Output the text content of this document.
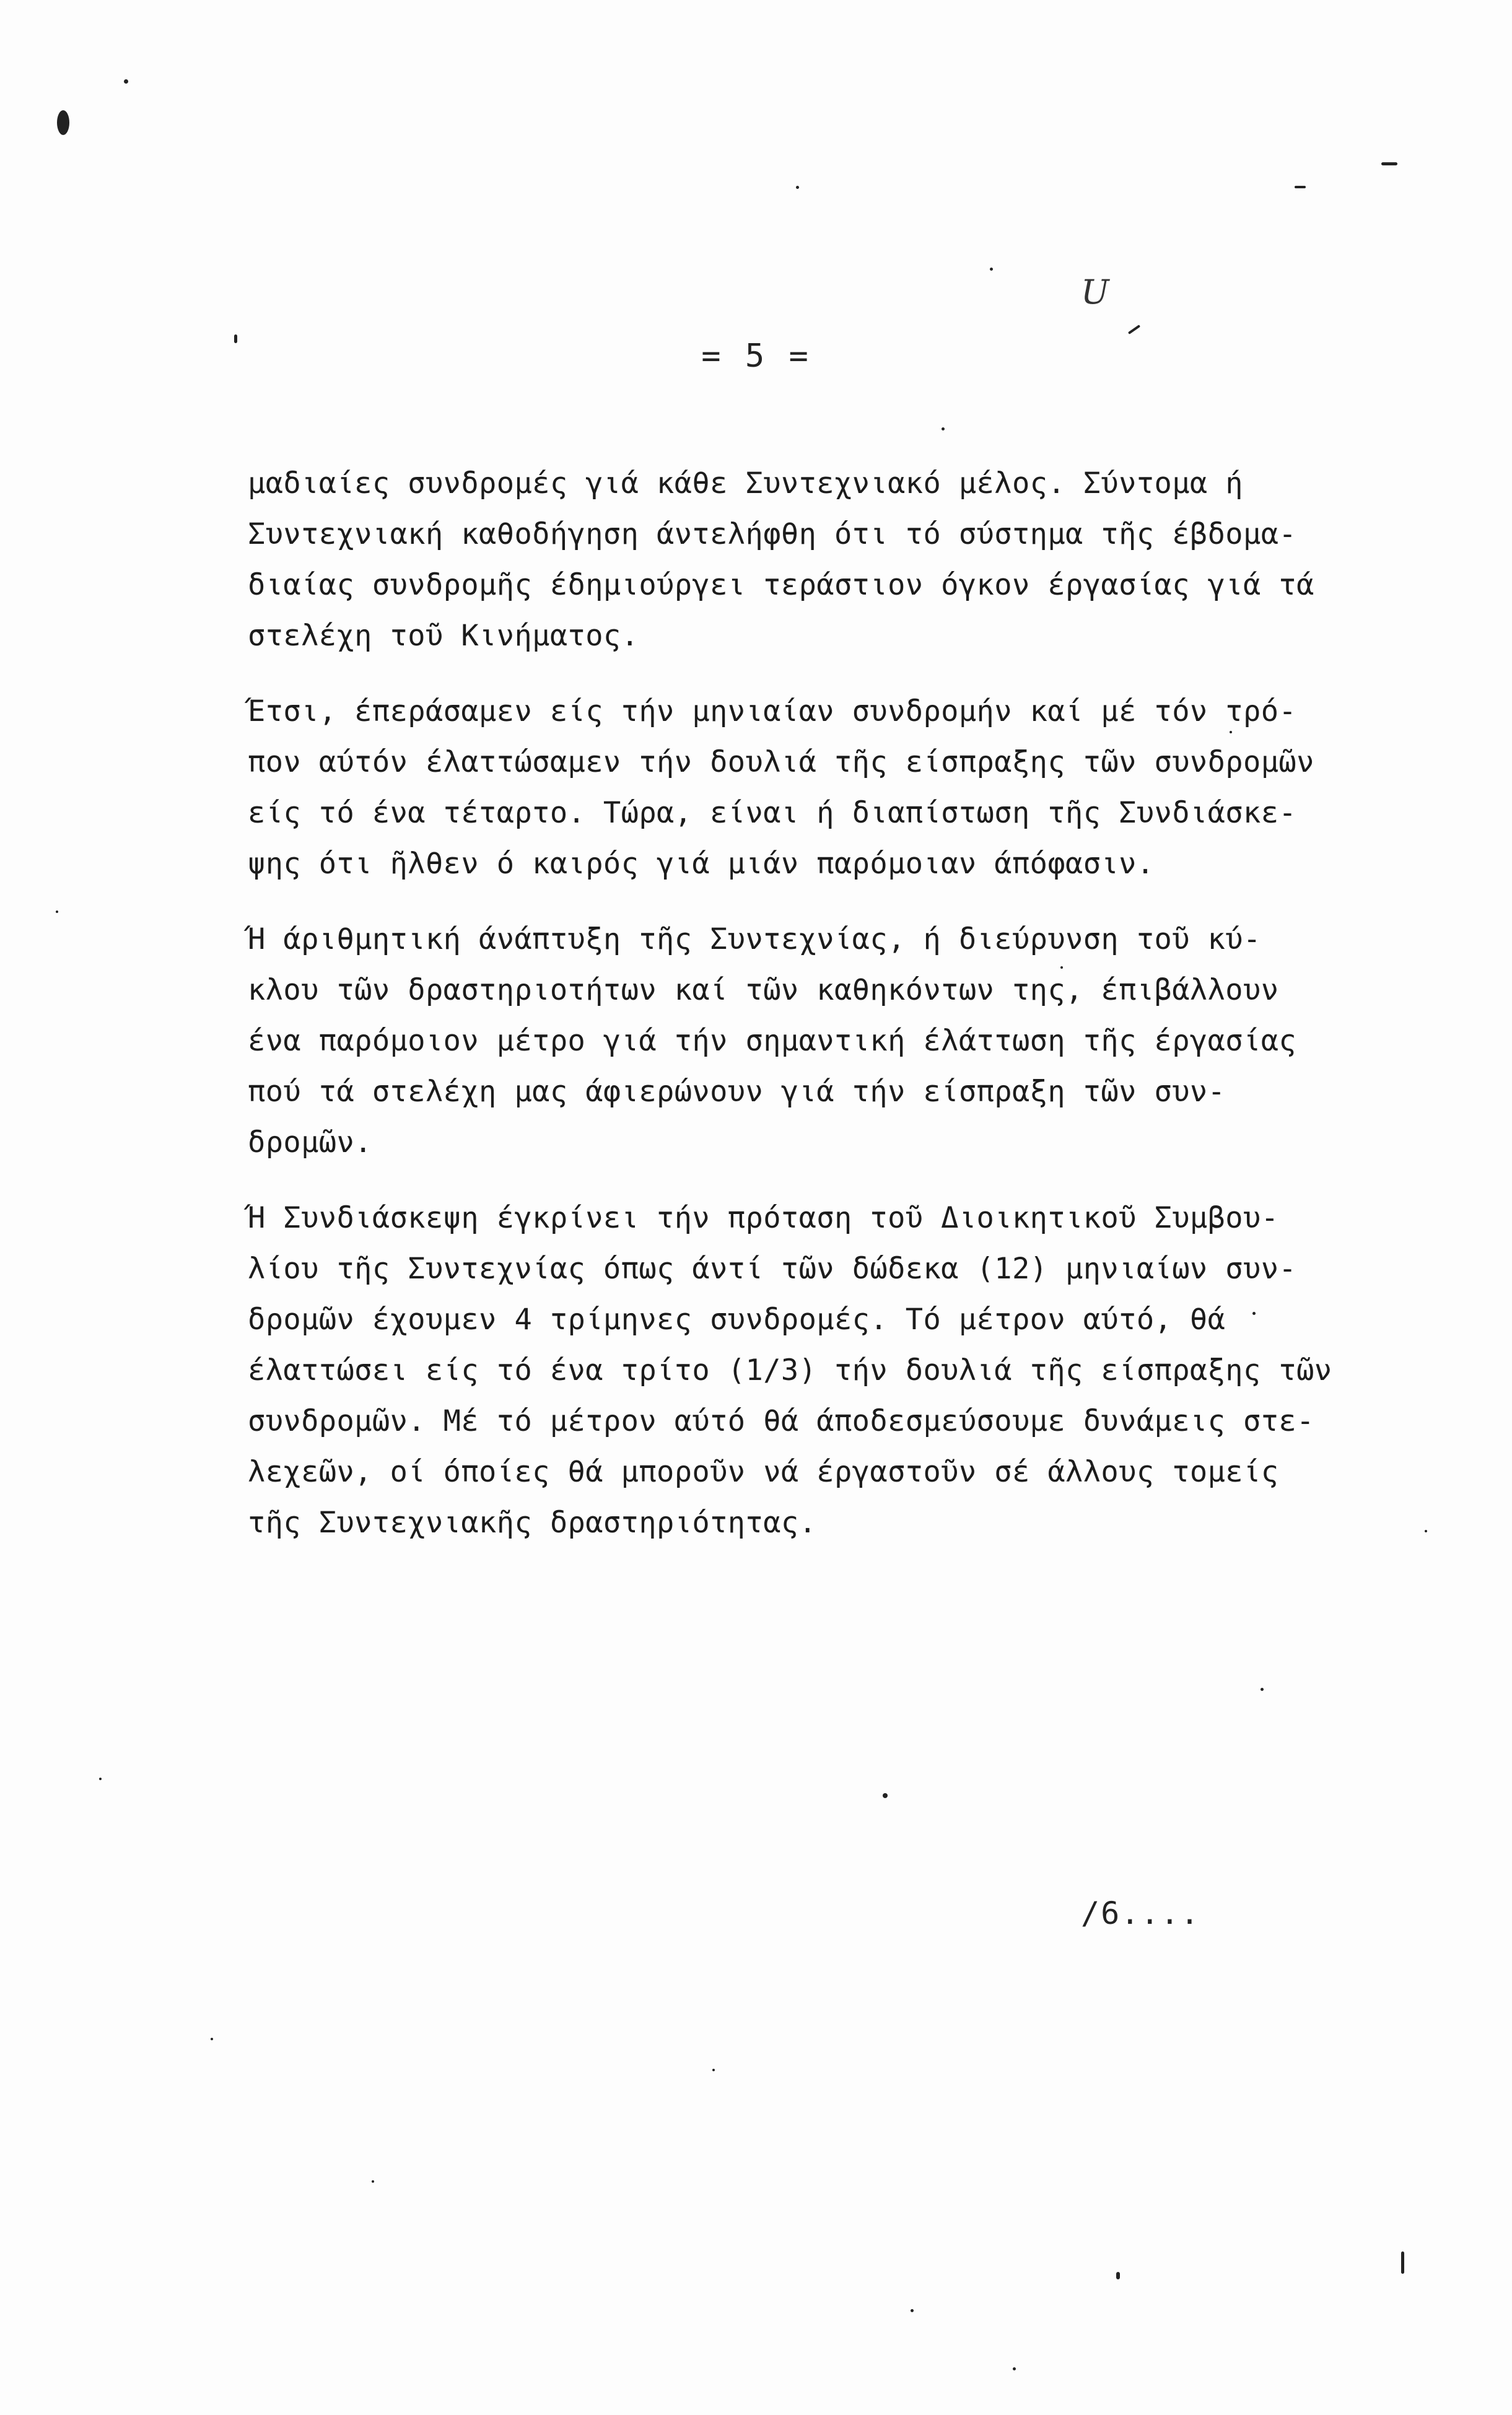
= 5 =
U
μαδιαίες συνδρομές γιά κάθε Συντεχνιακό μέλος. Σύντομα ή
Συντεχνιακή καθοδήγηση άντελήφθη ότι τό σύστημα τῆς έβδομα-
διαίας συνδρομῆς έδημιούργει τεράστιον όγκον έργασίας γιά τά
στελέχη τοῦ Κινήματος.
Έτσι, έπεράσαμεν είς τήν μηνιαίαν συνδρομήν καί μέ τόν τρό-
πον αύτόν έλαττώσαμεν τήν δουλιά τῆς είσπραξης τῶν συνδρομῶν
είς τό ένα τέταρτο. Τώρα, είναι ή διαπίστωση τῆς Συνδιάσκε-
ψης ότι ῆλθεν ό καιρός γιά μιάν παρόμοιαν άπόφασιν.
Ή άριθμητική άνάπτυξη τῆς Συντεχνίας, ή διεύρυνση τοῦ κύ-
κλου τῶν δραστηριοτήτων καί τῶν καθηκόντων της, έπιβάλλουν
ένα παρόμοιον μέτρο γιά τήν σημαντική έλάττωση τῆς έργασίας
πού τά στελέχη μας άφιερώνουν γιά τήν είσπραξη τῶν συν-
δρομῶν.
Ή Συνδιάσκεψη έγκρίνει τήν πρόταση τοῦ Διοικητικοῦ Συμβου-
λίου τῆς Συντεχνίας όπως άντί τῶν δώδεκα (12) μηνιαίων συν-
δρομῶν έχουμεν 4 τρίμηνες συνδρομές. Τό μέτρον αύτό, θά
έλαττώσει είς τό ένα τρίτο (1/3) τήν δουλιά τῆς είσπραξης τῶν
συνδρομῶν. Μέ τό μέτρον αύτό θά άποδεσμεύσουμε δυνάμεις στε-
λεχεῶν, οί όποίες θά μποροῦν νά έργαστοῦν σέ άλλους τομείς
τῆς Συντεχνιακῆς δραστηριότητας.
/6....
